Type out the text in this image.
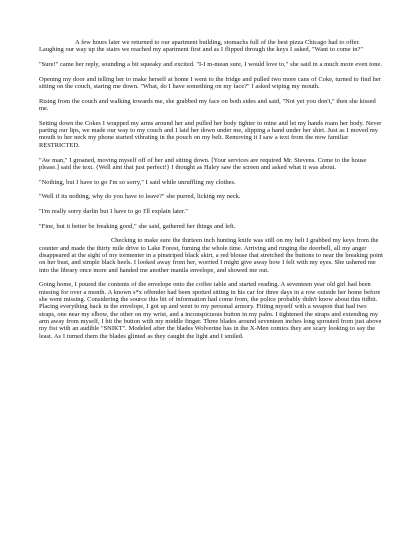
A few hours later we returned to our apartment building, stomachs full of the best pizza Chicago had to offer. Laughing our way up the stairs we reached my apartment first and as I flipped through the keys I asked, "Want to come in?"

"Sure!" came her reply, sounding a bit squeaky and excited. "I-I m-mean sure, I would love to," she said in a much more even tone.

Opening my door and telling her to make herself at home I went to the fridge and pulled two more cans of Coke, turned to find her sitting on the couch, staring me down. "What, do I have something on my face?" I asked wiping my mouth.

Rising from the couch and walking towards me, she grabbed my face on both sides and said, "Not yet you don't," then she kissed me.

Setting down the Cokes I wrapped my arms around her and pulled her body tighter to mine and let my hands roam her body. Never parting our lips, we made our way to my couch and I laid her down under me, slipping a hand under her shirt. Just as I moved my mouth to her neck my phone started vibrating in the pouch on my belt. Removing it I saw a text from the now familiar RESTRICTED.

"Aw man," I groaned, moving myself off of her and sitting down. [Your services are required Mr. Stevens. Come to the house please.] said the text. {Well aint that just perfect!} I thought as Haley saw the screen and asked what it was about.

"Nothing, but I have to go I'm so sorry," I said while unruffling my clothes.

"Well if its nothing, why do you have to leave?" she purred, licking my neck.

"I'm really sorry darlin but I have to go I'll explain later."

"Fine, but it better be freaking good," she said, gathered her things and left.

Checking to make sure the thirteen inch hunting knife was still on my belt I grabbed my keys from the counter and made the thirty mile drive to Lake Forest, fuming the whole time. Arriving and ringing the doorbell, all my anger disappeared at the sight of my tormenter in a pinstriped black skirt, a red blouse that stretched the buttons to near the breaking point on her bust, and simple black heels. I looked away from her, worried I might give away how I felt with my eyes. She ushered me into the library once more and handed me another manila envelope, and showed me out.

Going home, I poured the contents of the envelope onto the coffee table and started reading. A seventeen year old girl had been missing for over a month. A known s*x offender had been spotted sitting in his car for three days in a row outside her home before she went missing. Considering the source this bit of information had come from, the police probably didn't know about this tidbit. Placing everything back in the envelope, I got up and went to my personal armory. Fitting myself with a weapon that had two straps, one near my elbow, the other on my wrist, and a inconspicuous button in my palm. I tightened the straps and extending my arm away from myself, I hit the button with my middle finger. Three blades around seventeen inches long sprouted from just above my fist with an audible "SNIKT". Modeled after the blades Wolverine has in the X-Men comics they are scary looking to say the least. As I turned them the blades glinted as they caught the light and I smiled.
